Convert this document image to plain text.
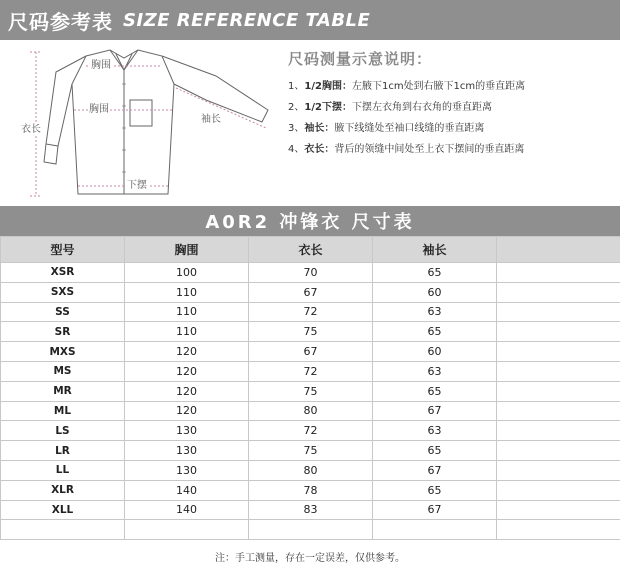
尺码参考表 SIZE REFERENCE TABLE
胸围
胸围
衣长
袖长
下摆
尺码测量示意说明：
1、1/2胸围：左腋下1cm处到右腋下1cm的垂直距离
2、1/2下摆：下摆左衣角到右衣角的垂直距离
3、袖长：腋下线缝处至袖口线缝的垂直距离
4、衣长：背后的领缝中间处至上衣下摆间的垂直距离
A0R2 冲锋衣 尺寸表
型号	胸围	衣长	袖长	
XSR	100	70	65	
SXS	110	67	60	
SS	110	72	63	
SR	110	75	65	
MXS	120	67	60	
MS	120	72	63	
MR	120	75	65	
ML	120	80	67	
LS	130	72	63	
LR	130	75	65	
LL	130	80	67	
XLR	140	78	65	
XLL	140	83	67	

注：手工测量，存在一定误差，仅供参考。
